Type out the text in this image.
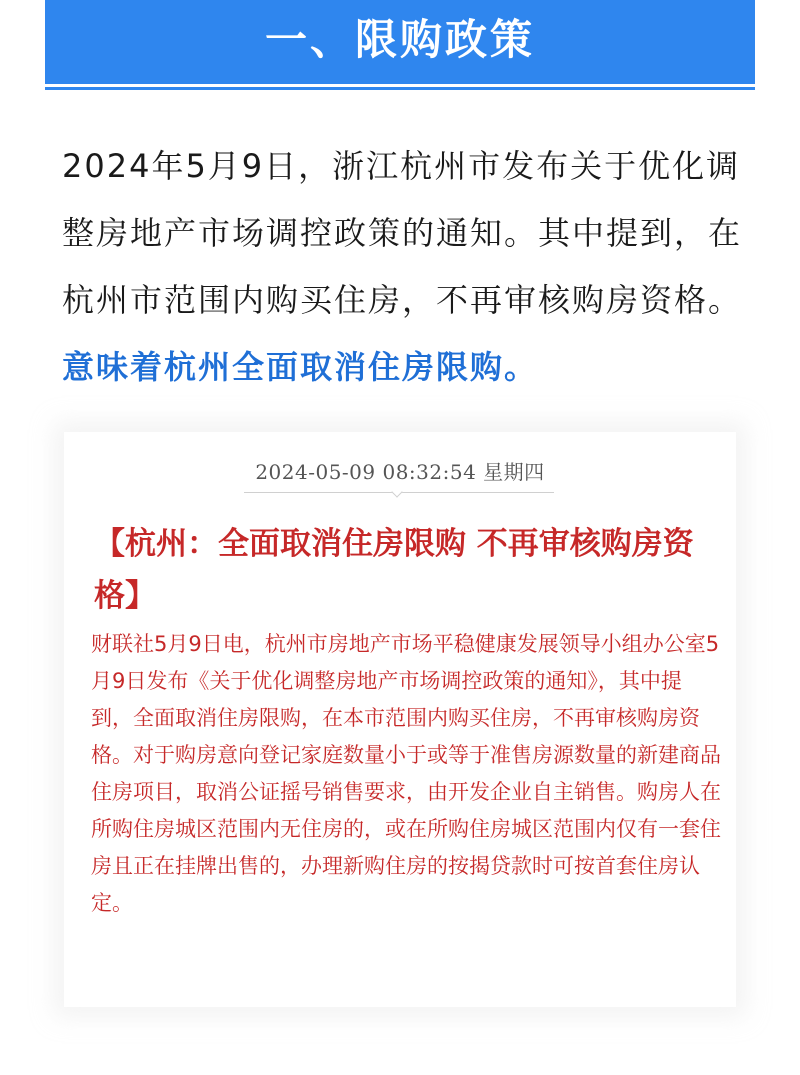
一、限购政策
2024年5月9日，浙江杭州市发布关于优化调整房地产市场调控政策的通知。其中提到，在杭州市范围内购买住房，不再审核购房资格。意味着杭州全面取消住房限购。
2024-05-09 08:32:54 星期四
【杭州：全面取消住房限购 不再审核购房资格】
财联社5月9日电，杭州市房地产市场平稳健康发展领导小组办公室5月9日发布《关于优化调整房地产市场调控政策的通知》，其中提到，全面取消住房限购，在本市范围内购买住房，不再审核购房资格。对于购房意向登记家庭数量小于或等于准售房源数量的新建商品住房项目，取消公证摇号销售要求，由开发企业自主销售。购房人在所购住房城区范围内无住房的，或在所购住房城区范围内仅有一套住房且正在挂牌出售的，办理新购住房的按揭贷款时可按首套住房认定。
